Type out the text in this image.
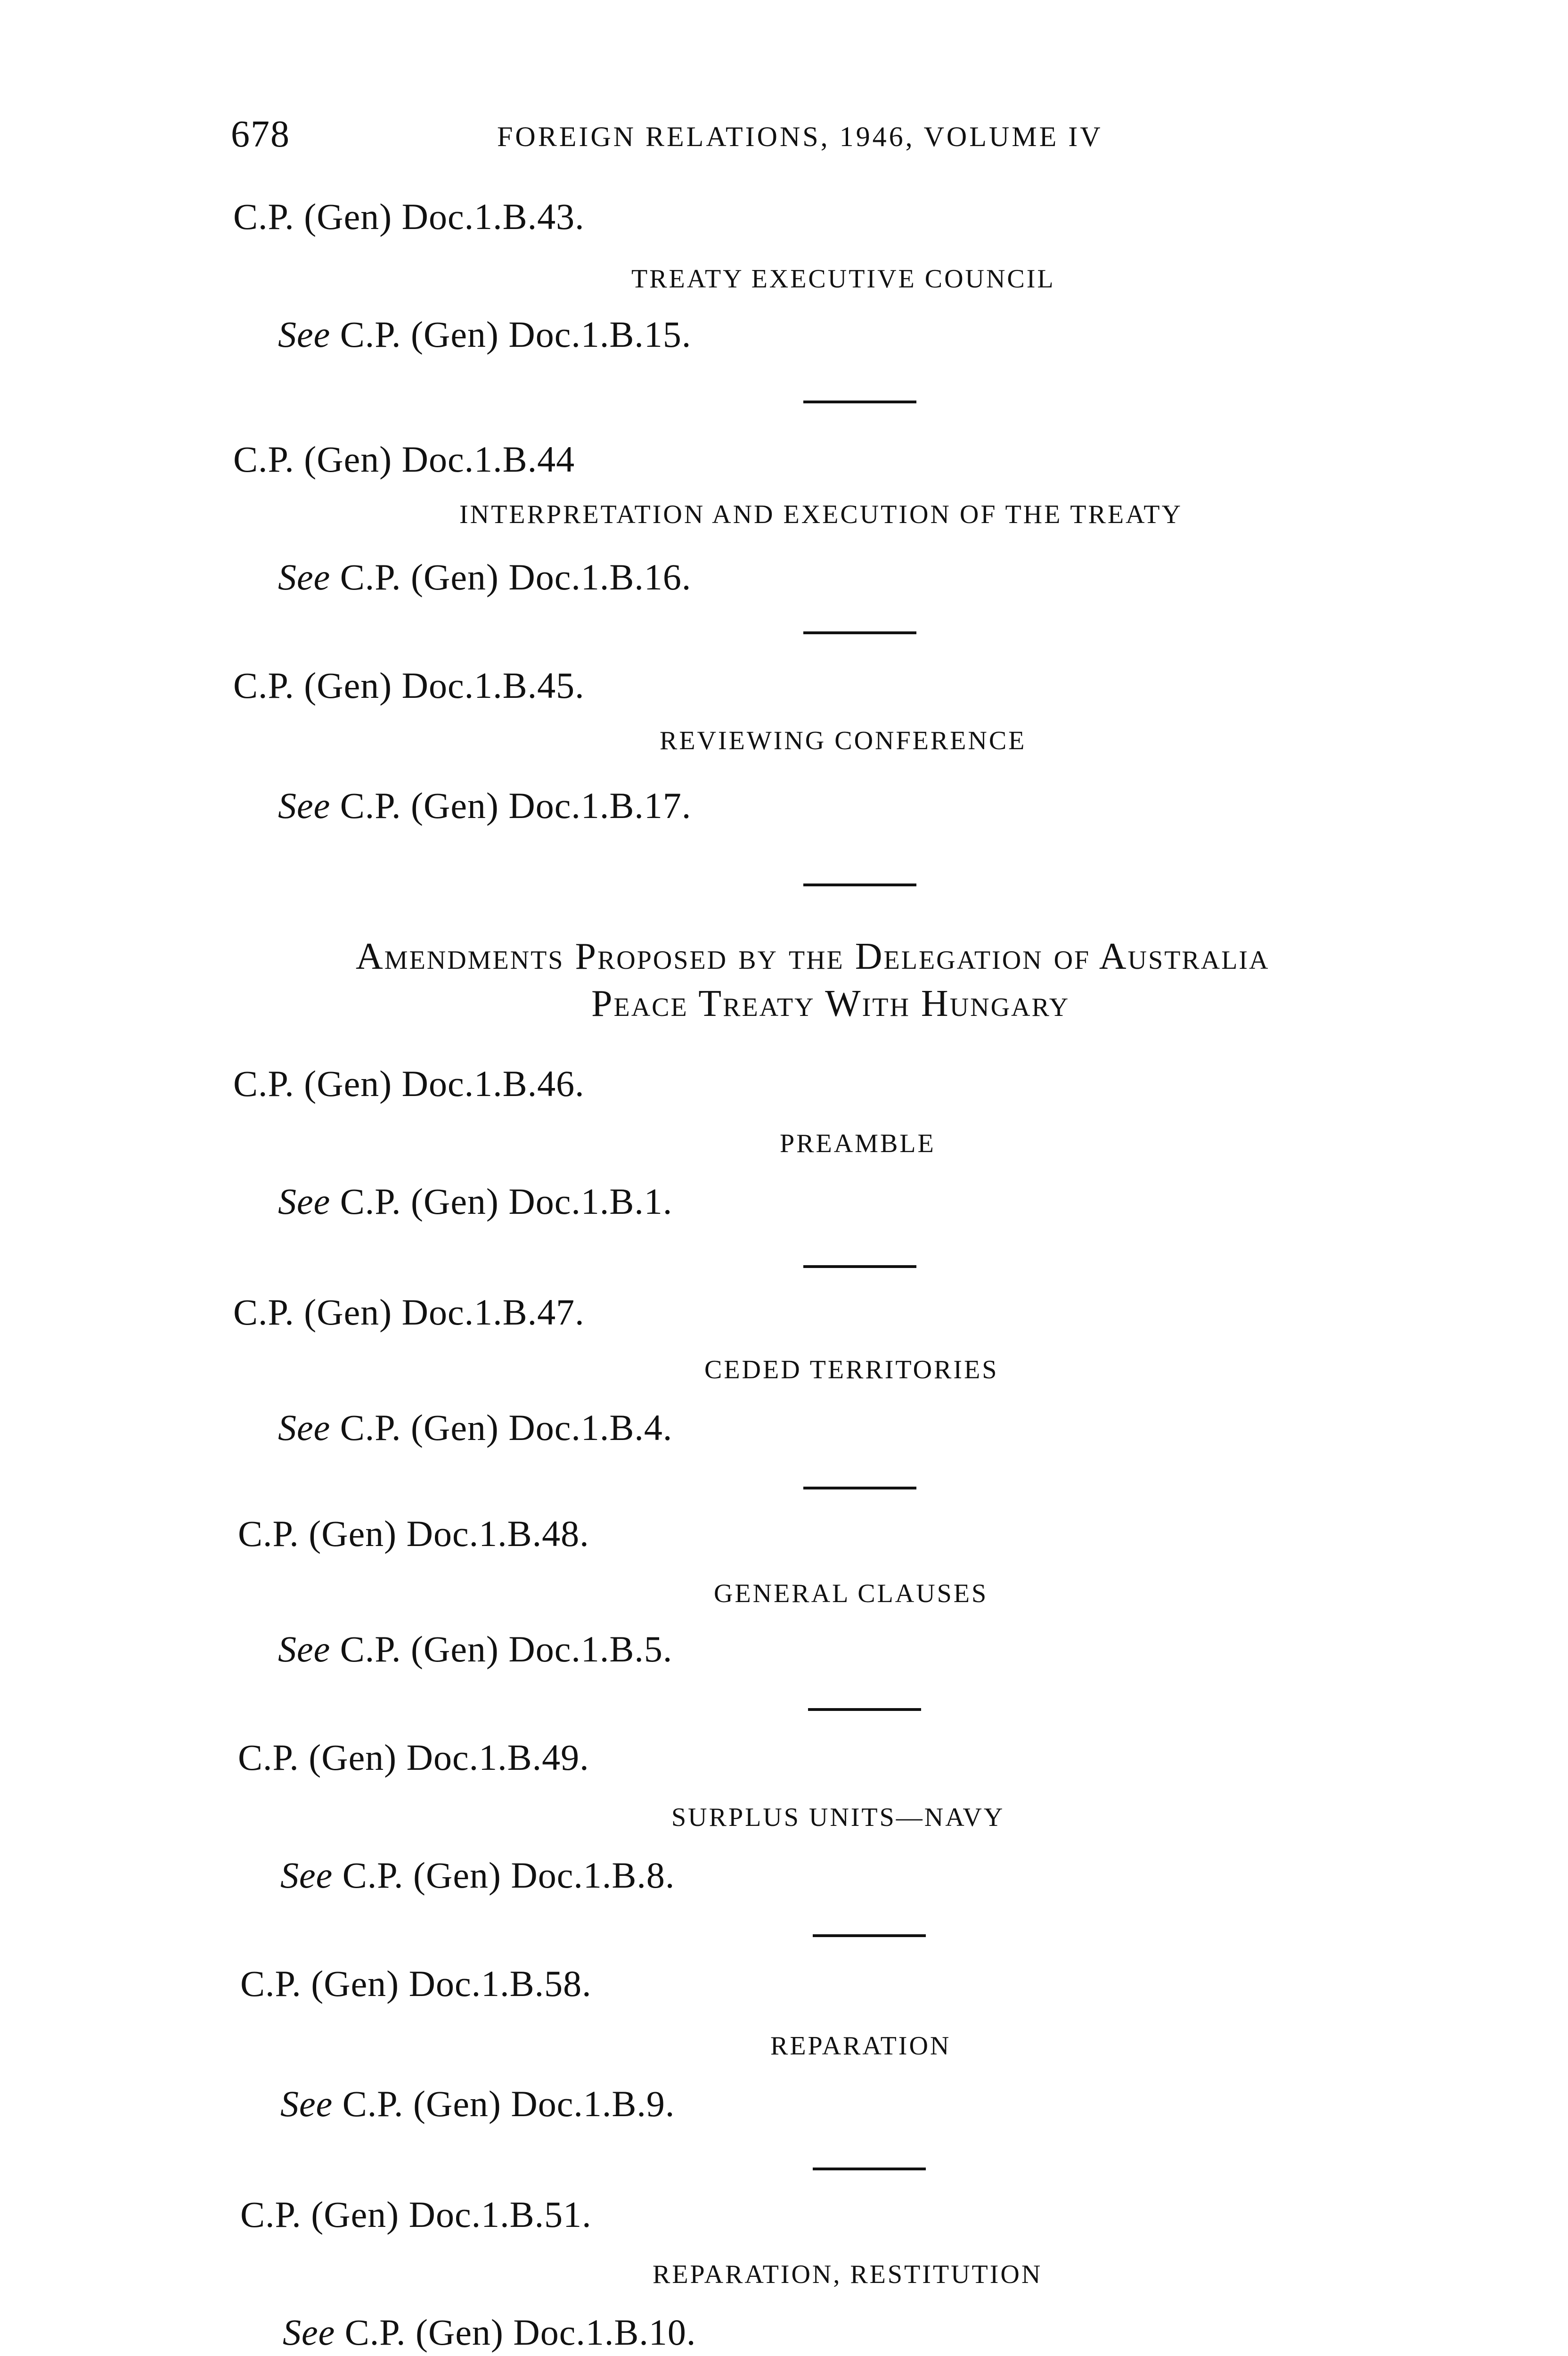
678	FOREIGN RELATIONS, 1946, VOLUME IV
C.P. (Gen) Doc.1.B.43.
TREATY EXECUTIVE COUNCIL
See C.P. (Gen) Doc.1.B.15.
C.P. (Gen) Doc.1.B.44
INTERPRETATION AND EXECUTION OF THE TREATY
See C.P. (Gen) Doc.1.B.16.
C.P. (Gen) Doc.1.B.45.
REVIEWING CONFERENCE
See C.P. (Gen) Doc.1.B.17.
Amendments Proposed by the Delegation of Australia
Peace Treaty With Hungary
C.P. (Gen) Doc.1.B.46.
PREAMBLE
See C.P. (Gen) Doc.1.B.1.
C.P. (Gen) Doc.1.B.47.
CEDED TERRITORIES
See C.P. (Gen) Doc.1.B.4.
C.P. (Gen) Doc.1.B.48.
GENERAL CLAUSES
See C.P. (Gen) Doc.1.B.5.
C.P. (Gen) Doc.1.B.49.
SURPLUS UNITS—NAVY
See C.P. (Gen) Doc.1.B.8.
C.P. (Gen) Doc.1.B.58.
REPARATION
See C.P. (Gen) Doc.1.B.9.
C.P. (Gen) Doc.1.B.51.
REPARATION, RESTITUTION
See C.P. (Gen) Doc.1.B.10.
